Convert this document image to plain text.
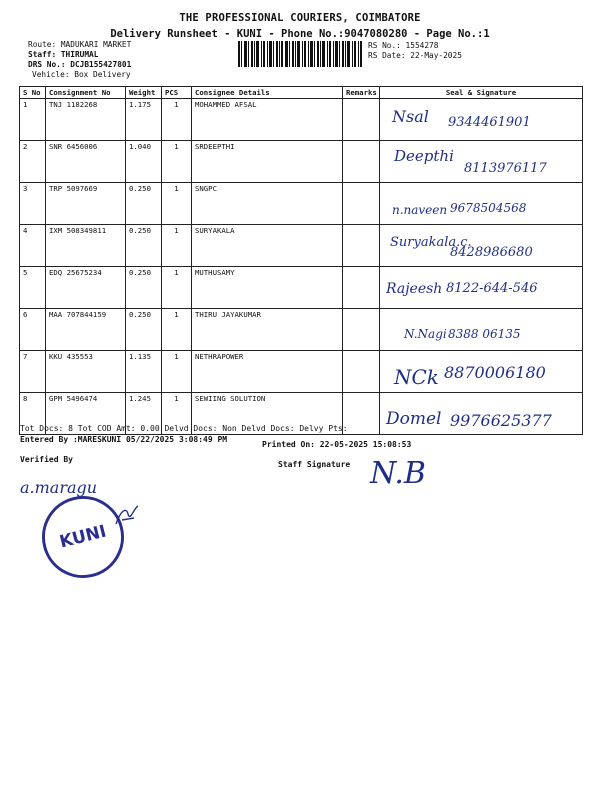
THE PROFESSIONAL COURIERS, COIMBATORE
Delivery Runsheet - KUNI - Phone No.:9047080280 - Page No.:1
Route: MADUKARI MARKET
Staff: THIRUMAL
DRS No.: DCJB155427801
Vehicle: Box Delivery
RS No.: 1554278
RS Date: 22-May-2025
S No	Consignment No	Weight	PCS	Consignee Details	Remarks	Seal & Signature
1	TNJ 1182268	1.175	1	MOHAMMED AFSAL		Nsal 9344461901

2	SNR 6456006	1.040	1	SRDEEPTHI		Deepthi
8113976117

3	TRP 5097669	0.250	1	SNGPC		n.naveen 9678504568

4	IXM 508349811	0.250	1	SURYAKALA		Suryakala.c.
8428986680

5	EDQ 25675234	0.250	1	MUTHUSAMY		Rajeesh 8122-644-546

6	MAA 707844159	0.250	1	THIRU JAYAKUMAR		N.Nagi 8388 06135

7	KKU 435553	1.135	1	NETHRAPOWER		NCk 8870006180

8	GPM 5496474	1.245	1	SEWIING SOLUTION		Domel 9976625377
Tot Docs: 8 Tot COD Amt: 0.00 Delvd Docs: Non Delvd Docs: Delvy Pts:
Entered By :MARESKUNI 05/22/2025 3:08:49 PM
Printed On: 22-05-2025 15:08:53
Verified By
Staff Signature
a.maragu
KUNI
N.B
